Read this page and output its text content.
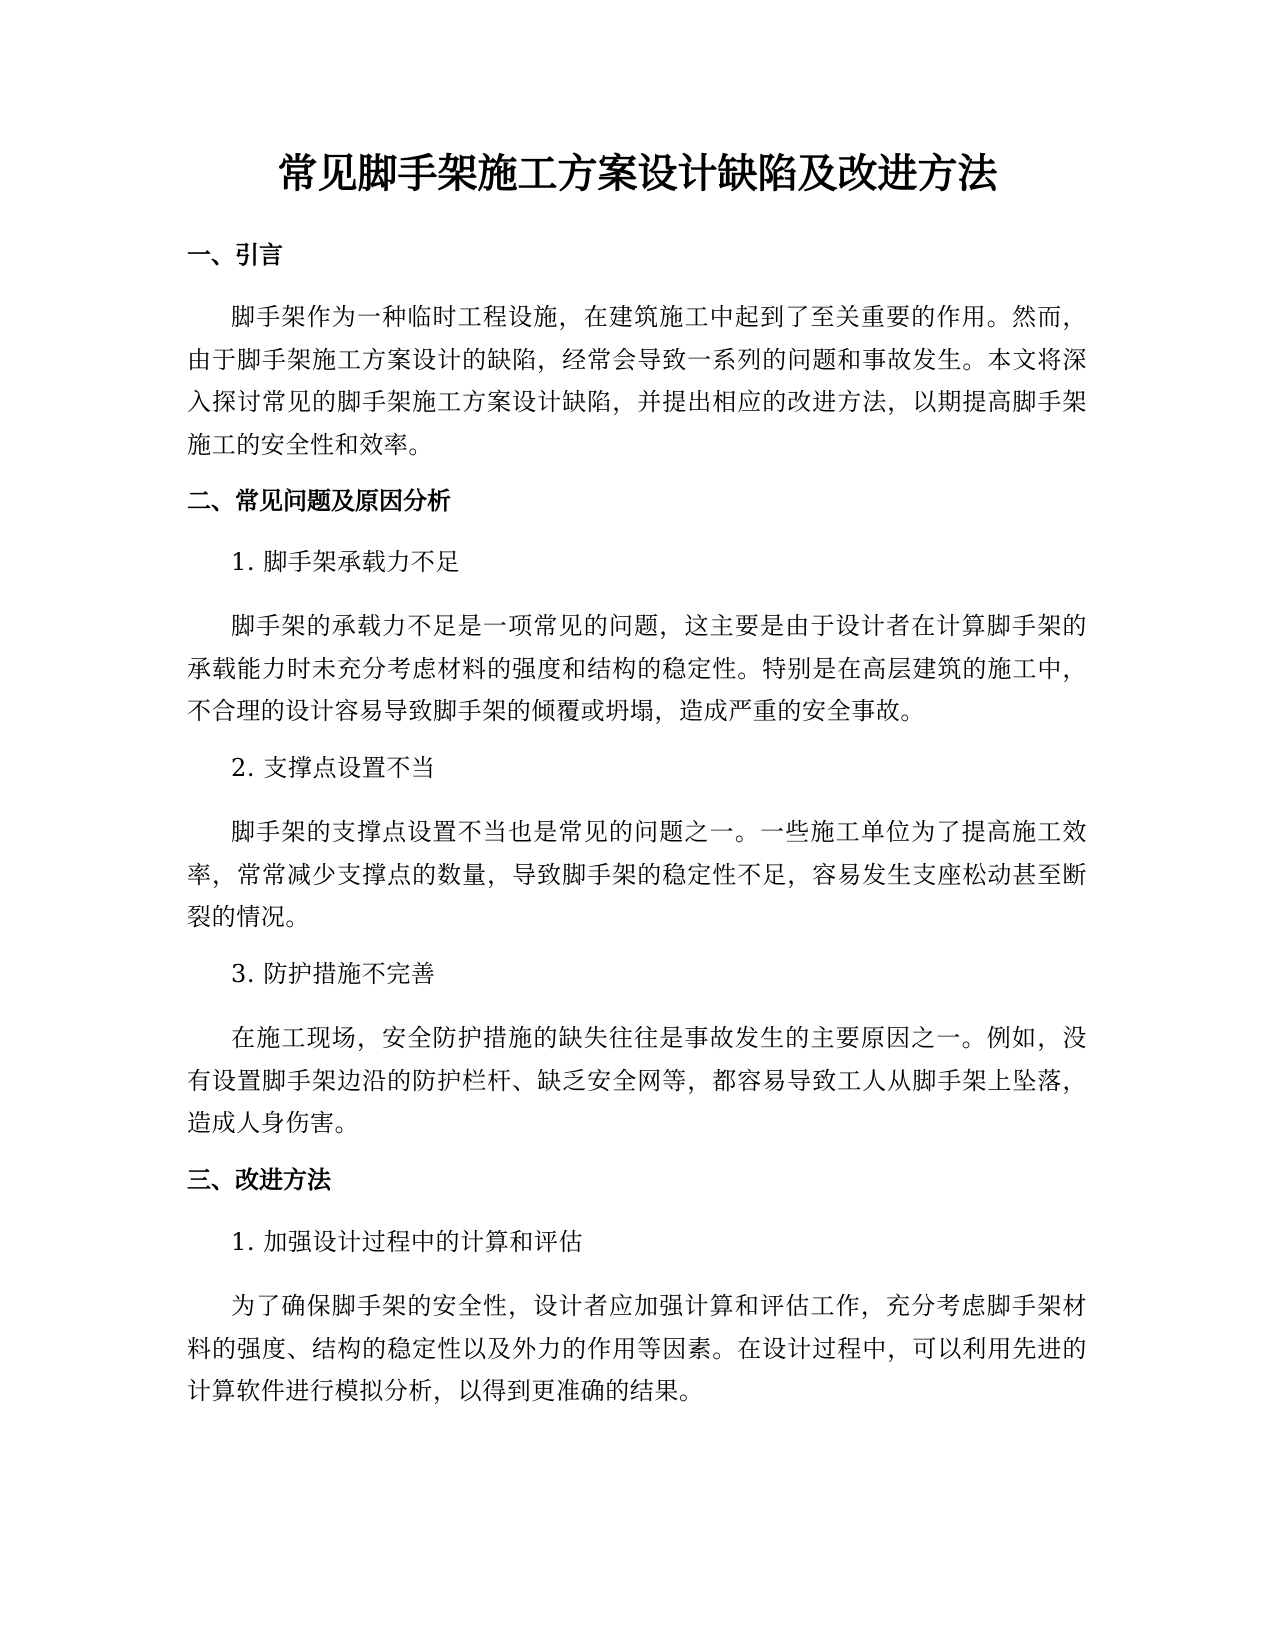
常见脚手架施工方案设计缺陷及改进方法
一、引言

脚手架作为一种临时工程设施，在建筑施工中起到了至关重要的作用。然而，由于脚手架施工方案设计的缺陷，经常会导致一系列的问题和事故发生。本文将深入探讨常见的脚手架施工方案设计缺陷，并提出相应的改进方法，以期提高脚手架施工的安全性和效率。

二、常见问题及原因分析
1. 脚手架承载力不足

脚手架的承载力不足是一项常见的问题，这主要是由于设计者在计算脚手架的承载能力时未充分考虑材料的强度和结构的稳定性。特别是在高层建筑的施工中，不合理的设计容易导致脚手架的倾覆或坍塌，造成严重的安全事故。

2. 支撑点设置不当

脚手架的支撑点设置不当也是常见的问题之一。一些施工单位为了提高施工效率，常常减少支撑点的数量，导致脚手架的稳定性不足，容易发生支座松动甚至断裂的情况。

3. 防护措施不完善

在施工现场，安全防护措施的缺失往往是事故发生的主要原因之一。例如，没有设置脚手架边沿的防护栏杆、缺乏安全网等，都容易导致工人从脚手架上坠落，造成人身伤害。

三、改进方法
1. 加强设计过程中的计算和评估

为了确保脚手架的安全性，设计者应加强计算和评估工作，充分考虑脚手架材料的强度、结构的稳定性以及外力的作用等因素。在设计过程中，可以利用先进的计算软件进行模拟分析，以得到更准确的结果。
